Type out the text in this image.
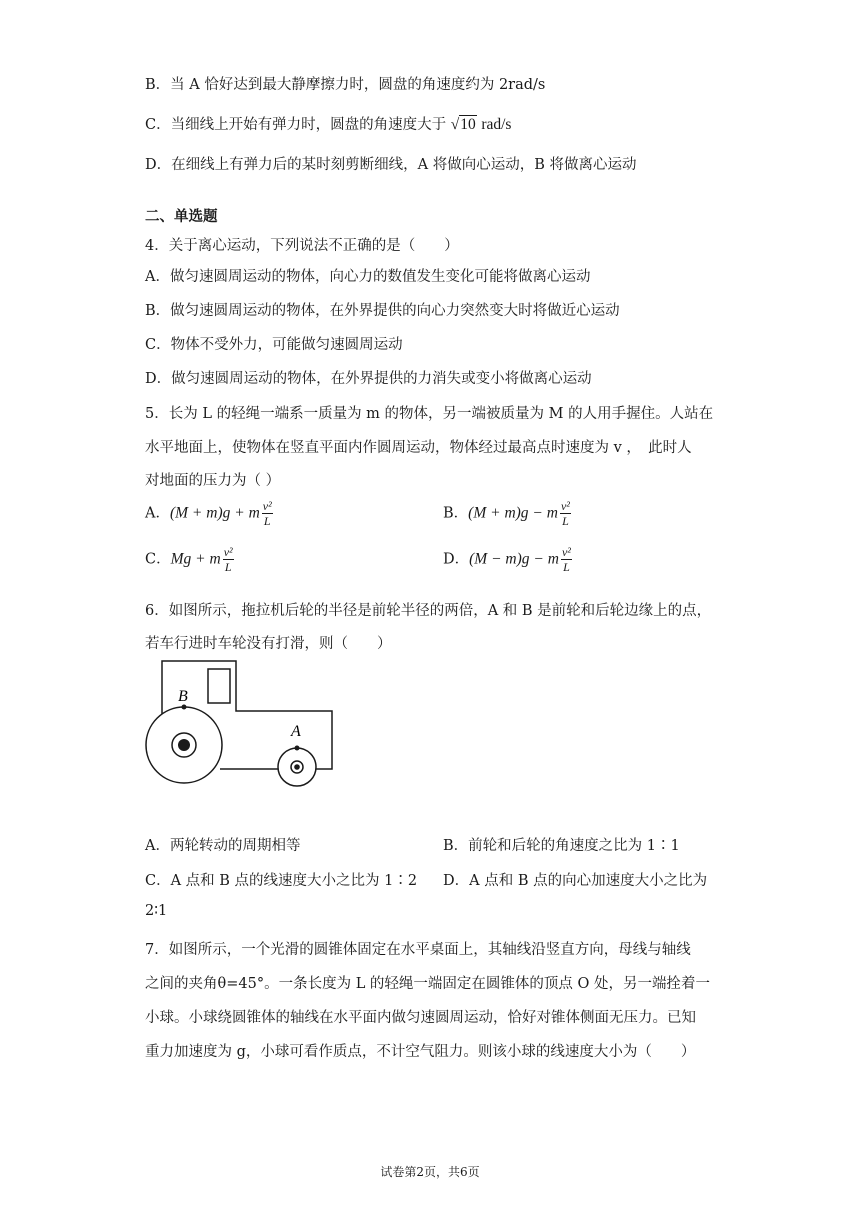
B．当 A 恰好达到最大静摩擦力时，圆盘的角速度约为 2rad/s
C．当细线上开始有弹力时，圆盘的角速度大于 √10 rad/s
D．在细线上有弹力后的某时刻剪断细线，A 将做向心运动，B 将做离心运动
二、单选题
4．关于离心运动，下列说法不正确的是（　　）
A．做匀速圆周运动的物体，向心力的数值发生变化可能将做离心运动
B．做匀速圆周运动的物体，在外界提供的向心力突然变大时将做近心运动
C．物体不受外力，可能做匀速圆周运动
D．做匀速圆周运动的物体，在外界提供的力消失或变小将做离心运动
5．长为 L 的轻绳一端系一质量为 m 的物体，另一端被质量为 M 的人用手握住。人站在
水平地面上，使物体在竖直平面内作圆周运动，物体经过最高点时速度为 v ，　此时人
对地面的压力为（ ）
A．(M + m)g + m $\frac{\text{v²}}{L}$	B．(M + m)g − m $\frac{\text{v²}}{L}$
C．Mg + m $\frac{\text{v²}}{L}$	D．(M − m)g − m $\frac{\text{v²}}{L}$
6．如图所示，拖拉机后轮的半径是前轮半径的两倍，A 和 B 是前轮和后轮边缘上的点，
若车行进时车轮没有打滑，则（　　）
B
A
A．两轮转动的周期相等	B．前轮和后轮的角速度之比为 1∶1
C．A 点和 B 点的线速度大小之比为 1∶2 D．A 点和 B 点的向心加速度大小之比为
2∶1
7．如图所示，一个光滑的圆锥体固定在水平桌面上，其轴线沿竖直方向，母线与轴线
之间的夹角θ=45°。一条长度为 L 的轻绳一端固定在圆锥体的顶点 O 处，另一端拴着一
小球。小球绕圆锥体的轴线在水平面内做匀速圆周运动，恰好对锥体侧面无压力。已知
重力加速度为 g，小球可看作质点，不计空气阻力。则该小球的线速度大小为（　　）
试卷第2页，共6页
